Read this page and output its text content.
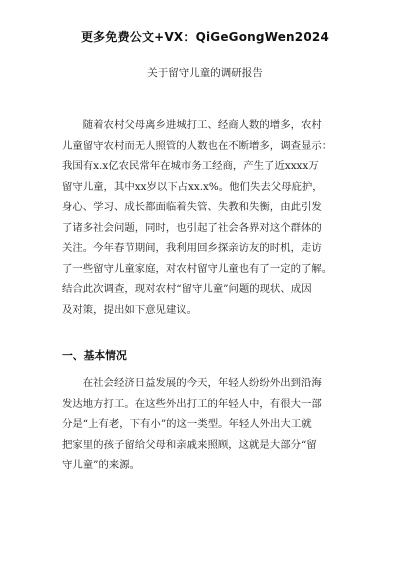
更多免费公文+VX：QiGeGongWen2024
关于留守儿童的调研报告
　　随着农村父母离乡进城打工、经商人数的增多，农村
儿童留守农村而无人照管的人数也在不断增多，调查显示：
我国有x.x亿农民常年在城市务工经商，产生了近xxxx万
留守儿童，其中xx岁以下占xx.x%。他们失去父母庇护，
身心、学习、成长都面临着失管、失教和失衡，由此引发
了诸多社会问题，同时，也引起了社会各界对这个群体的
关注。今年春节期间，我利用回乡探亲访友的时机，走访
了一些留守儿童家庭，对农村留守儿童也有了一定的了解。
结合此次调查，现对农村“留守儿童”问题的现状、成因
及对策，提出如下意见建议。
一、基本情况
　　在社会经济日益发展的今天，年轻人纷纷外出到沿海
发达地方打工。在这些外出打工的年轻人中，有很大一部
分是“上有老，下有小”的这一类型。年轻人外出大工就
把家里的孩子留给父母和亲戚来照顾，这就是大部分“留
守儿童”的来源。
